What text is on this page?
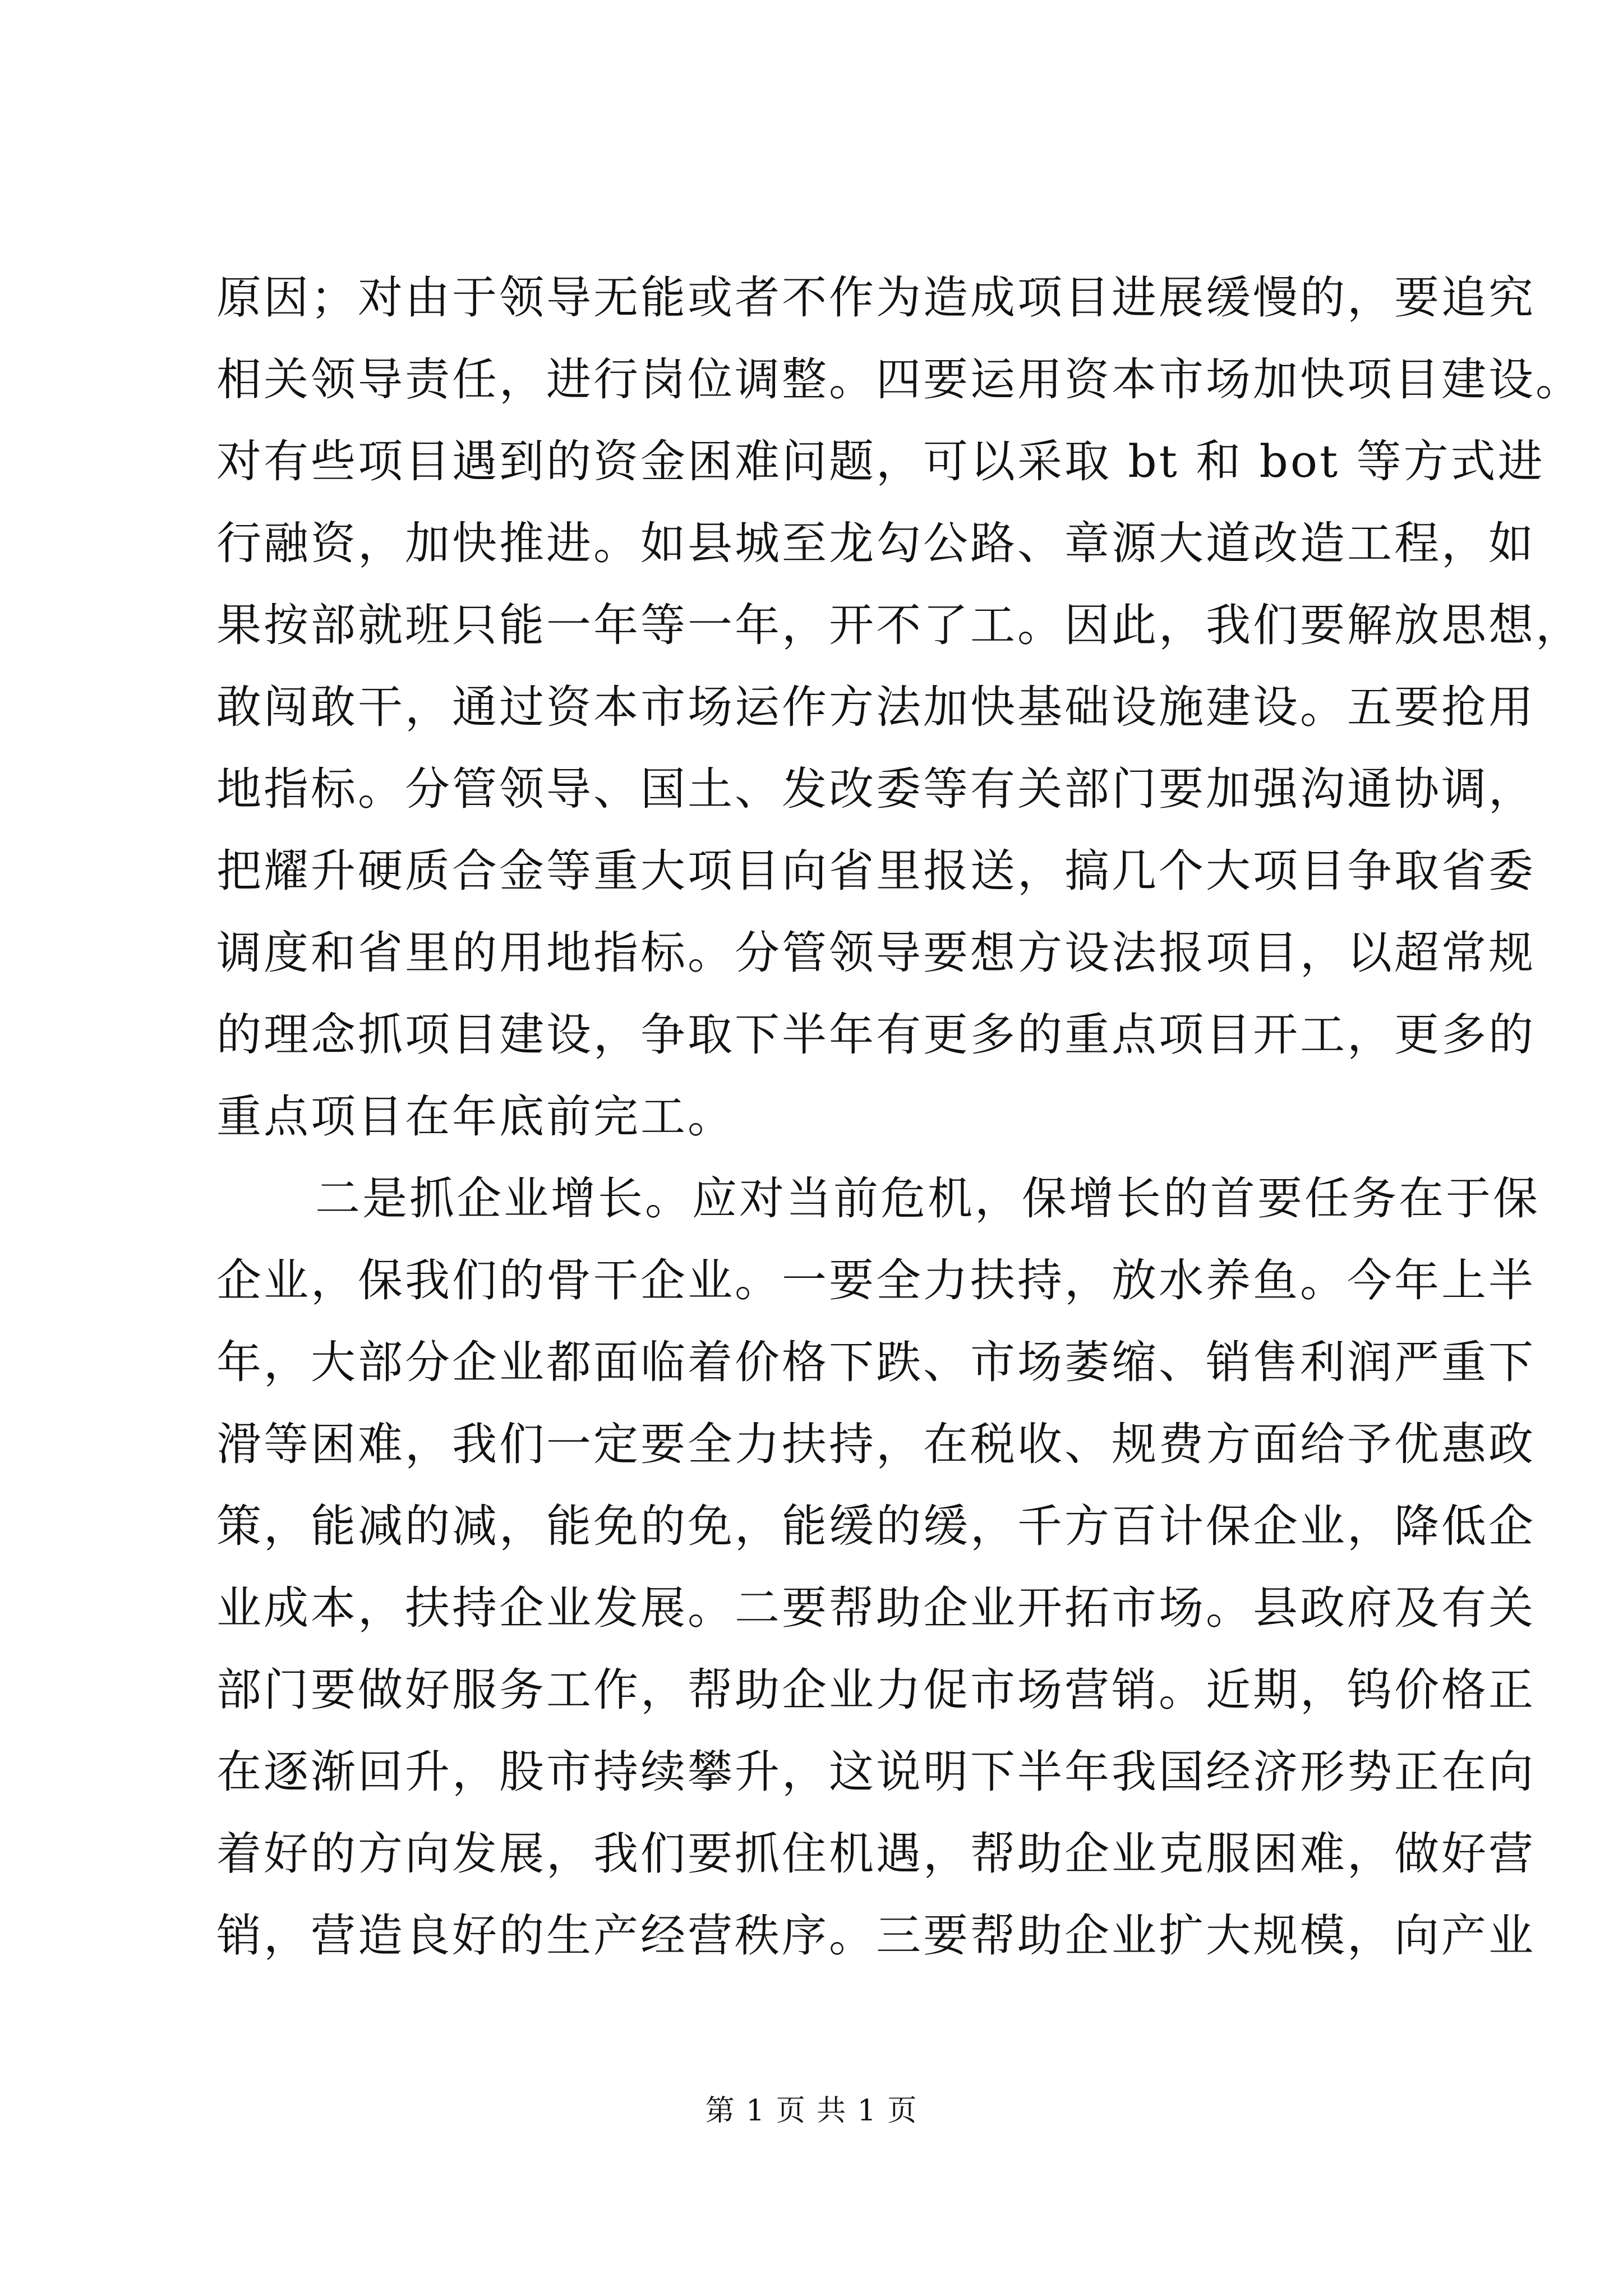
原因；对由于领导无能或者不作为造成项目进展缓慢的，要追究
相关领导责任，进行岗位调整。四要运用资本市场加快项目建设。
对有些项目遇到的资金困难问题，可以采取 bt 和 bot 等方式进
行融资，加快推进。如县城至龙勾公路、章源大道改造工程，如
果按部就班只能一年等一年，开不了工。因此，我们要解放思想，
敢闯敢干，通过资本市场运作方法加快基础设施建设。五要抢用
地指标。分管领导、国土、发改委等有关部门要加强沟通协调，
把耀升硬质合金等重大项目向省里报送，搞几个大项目争取省委
调度和省里的用地指标。分管领导要想方设法报项目，以超常规
的理念抓项目建设，争取下半年有更多的重点项目开工，更多的
重点项目在年底前完工。
二是抓企业增长。应对当前危机，保增长的首要任务在于保
企业，保我们的骨干企业。一要全力扶持，放水养鱼。今年上半
年，大部分企业都面临着价格下跌、市场萎缩、销售利润严重下
滑等困难，我们一定要全力扶持，在税收、规费方面给予优惠政
策，能减的减，能免的免，能缓的缓，千方百计保企业，降低企
业成本，扶持企业发展。二要帮助企业开拓市场。县政府及有关
部门要做好服务工作，帮助企业力促市场营销。近期，钨价格正
在逐渐回升，股市持续攀升，这说明下半年我国经济形势正在向
着好的方向发展，我们要抓住机遇，帮助企业克服困难，做好营
销，营造良好的生产经营秩序。三要帮助企业扩大规模，向产业
第 1 页 共 1 页
